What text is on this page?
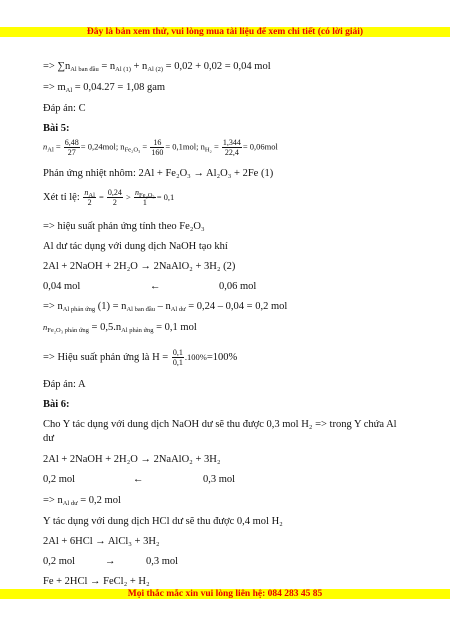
Đây là bản xem thử, vui lòng mua tài liệu để xem chi tiết (có lời giải)
=> $\sum n_{Al ban đầu} = n_{Al (1)} + n_{Al (2)} = 0,02 + 0,02 = 0,04$ mol
=> $m_{Al} = 0,04.27 = 1,08$ gam
Đáp án: C
Bài 5:
$n_{Al} = \frac{6,48}{27} = 0,24mol$; $n_{Fe_2O_3} = \frac{16}{160} = 0,1mol$; $n_{H_2} = \frac{1,344}{22,4} = 0,06mol$
Phản ứng nhiệt nhôm: 2Al + Fe₂O₃ → Al₂O₃ + 2Fe (1)
Xét tỉ lệ: $\frac{n_{Al}}{2} = \frac{0,24}{2} > \frac{n_{Fe_2O_3}}{1} = 0,1$
=> hiệu suất phản ứng tính theo Fe₂O₃
Al dư tác dụng với dung dịch NaOH tạo khí
2Al + 2NaOH + 2H₂O → 2NaAlO₂ + 3H₂ (2)
0,04 mol	←	0,06 mol
=> $n_{Al phản ứng}$ $(1) = n_{Al ban đầu} - n_{Al dư} = 0,24 - 0,04 = 0,2$ mol
$n_{Fe_2O_3}$ $_{phản ứng} = 0,5.n_{Al phản ứng} = 0,1$ mol
=> Hiệu suất phản ứng là $H = \frac{0,1}{0,1} .100\%=100\%$
Đáp án: A
Bài 6:
Cho Y tác dụng với dung dịch NaOH dư sẽ thu được 0,3 mol H₂ => trong Y chứa Al
dư
2Al + 2NaOH + 2H₂O → 2NaAlO₂ + 3H₂
0,2 mol	←	0,3 mol
=> $n_{Al dư} = 0,2$ mol
Y tác dụng với dung dịch HCl dư sẽ thu được 0,4 mol H₂
2Al + 6HCl → AlCl₃ + 3H₂
0,2 mol	→	0,3 mol
Fe + 2HCl → FeCl₂ + H₂
Mọi thắc mắc xin vui lòng liên hệ: 084 283 45 85
